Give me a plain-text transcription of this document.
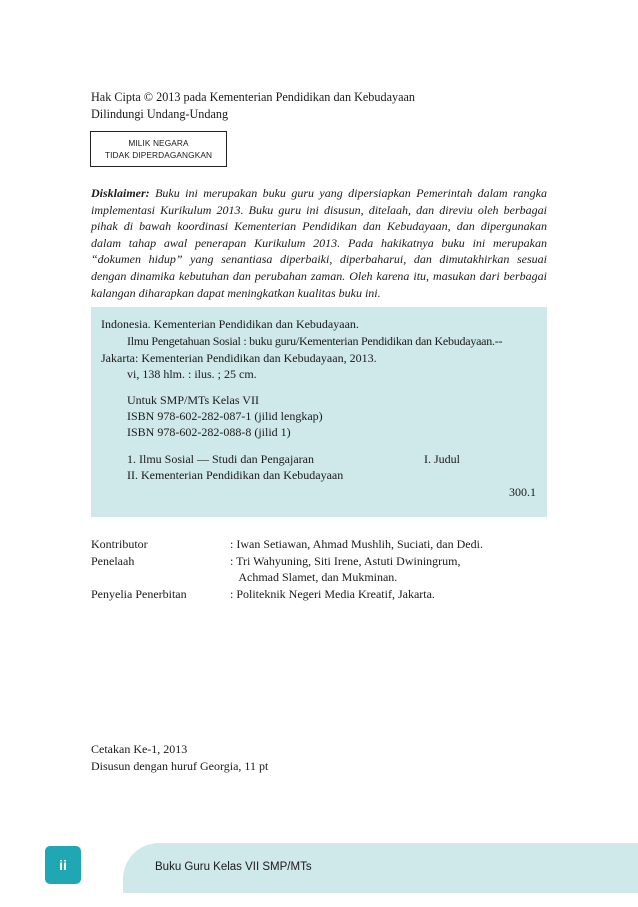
Hak Cipta © 2013 pada Kementerian Pendidikan dan Kebudayaan
Dilindungi Undang-Undang
MILIK NEGARA
TIDAK DIPERDAGANGKAN
Disklaimer: Buku ini merupakan buku guru yang dipersiapkan Pemerintah dalam rangka implementasi Kurikulum 2013. Buku guru ini disusun, ditelaah, dan direviu oleh berbagai pihak di bawah koordinasi Kementerian Pendidikan dan Kebudayaan, dan dipergunakan dalam tahap awal penerapan Kurikulum 2013. Pada hakikatnya buku ini merupakan “dokumen hidup” yang senantiasa diperbaiki, diperbaharui, dan dimutakhirkan sesuai dengan dinamika kebutuhan dan perubahan zaman. Oleh karena itu, masukan dari berbagai kalangan diharapkan dapat meningkatkan kualitas buku ini.
Indonesia. Kementerian Pendidikan dan Kebudayaan.
Ilmu Pengetahuan Sosial : buku guru/Kementerian Pendidikan dan Kebudayaan.--
Jakarta: Kementerian Pendidikan dan Kebudayaan, 2013.
vi, 138 hlm. : ilus. ; 25 cm.
Untuk SMP/MTs Kelas VII
ISBN 978-602-282-087-1 (jilid lengkap)
ISBN 978-602-282-088-8 (jilid 1)
1. Ilmu Sosial — Studi dan Pengajaran	I. Judul
II. Kementerian Pendidikan dan Kebudayaan
300.1
Kontributor	: Iwan Setiawan, Ahmad Mushlih, Suciati, dan Dedi.
Penelaah	: Tri Wahyuning, Siti Irene, Astuti Dwiningrum,
Achmad Slamet, dan Mukminan.
Penyelia Penerbitan	: Politeknik Negeri Media Kreatif, Jakarta.
Cetakan Ke-1, 2013
Disusun dengan huruf Georgia, 11 pt
Buku Guru Kelas VII SMP/MTs
ii
